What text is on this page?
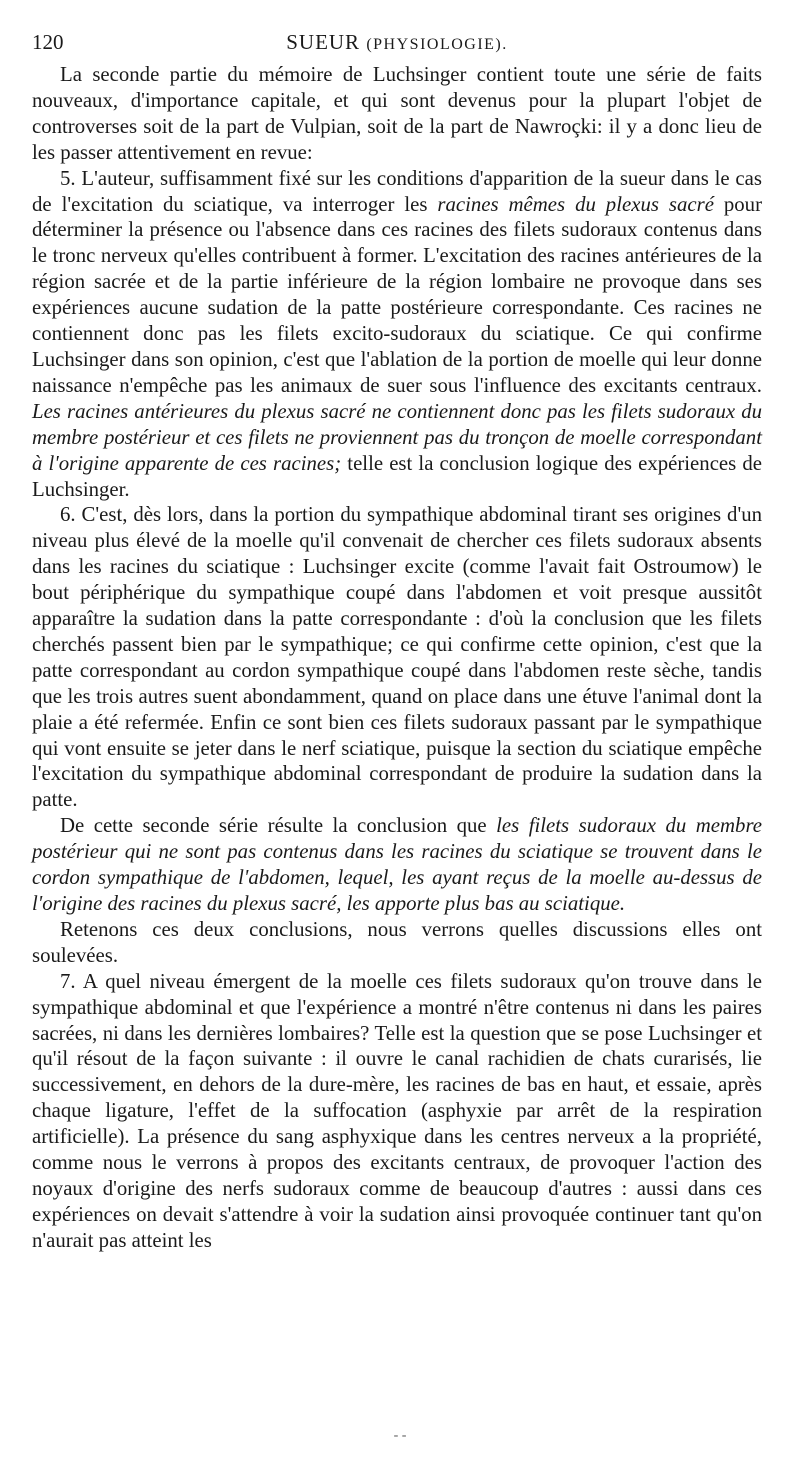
120	SUEUR (PHYSIOLOGIE).

La seconde partie du mémoire de Luchsinger contient toute une série de faits nouveaux, d'importance capitale, et qui sont devenus pour la plupart l'objet de controverses soit de la part de Vulpian, soit de la part de Nawroçki: il y a donc lieu de les passer attentivement en revue:

5. L'auteur, suffisamment fixé sur les conditions d'apparition de la sueur dans le cas de l'excitation du sciatique, va interroger les racines mêmes du plexus sacré pour déterminer la présence ou l'absence dans ces racines des filets sudoraux contenus dans le tronc nerveux qu'elles contribuent à former. L'excitation des racines antérieures de la région sacrée et de la partie inférieure de la région lombaire ne provoque dans ses expériences aucune sudation de la patte postérieure correspondante. Ces racines ne contiennent donc pas les filets excito-sudoraux du sciatique. Ce qui confirme Luchsinger dans son opinion, c'est que l'ablation de la portion de moelle qui leur donne naissance n'empêche pas les animaux de suer sous l'influence des excitants centraux. Les racines antérieures du plexus sacré ne contiennent donc pas les filets sudoraux du membre postérieur et ces filets ne proviennent pas du tronçon de moelle correspondant à l'origine apparente de ces racines; telle est la conclusion logique des expériences de Luchsinger.

6. C'est, dès lors, dans la portion du sympathique abdominal tirant ses origines d'un niveau plus élevé de la moelle qu'il convenait de chercher ces filets sudoraux absents dans les racines du sciatique : Luchsinger excite (comme l'avait fait Ostroumow) le bout périphérique du sympathique coupé dans l'abdomen et voit presque aussitôt apparaître la sudation dans la patte correspondante : d'où la conclusion que les filets cherchés passent bien par le sympathique; ce qui confirme cette opinion, c'est que la patte correspondant au cordon sympathique coupé dans l'abdomen reste sèche, tandis que les trois autres suent abondamment, quand on place dans une étuve l'animal dont la plaie a été refermée. Enfin ce sont bien ces filets sudoraux passant par le sympathique qui vont ensuite se jeter dans le nerf sciatique, puisque la section du sciatique empêche l'excitation du sympathique abdominal correspondant de produire la sudation dans la patte.

De cette seconde série résulte la conclusion que les filets sudoraux du membre postérieur qui ne sont pas contenus dans les racines du sciatique se trouvent dans le cordon sympathique de l'abdomen, lequel, les ayant reçus de la moelle au-dessus de l'origine des racines du plexus sacré, les apporte plus bas au sciatique.

Retenons ces deux conclusions, nous verrons quelles discussions elles ont soulevées.

7. A quel niveau émergent de la moelle ces filets sudoraux qu'on trouve dans le sympathique abdominal et que l'expérience a montré n'être contenus ni dans les paires sacrées, ni dans les dernières lombaires? Telle est la question que se pose Luchsinger et qu'il résout de la façon suivante : il ouvre le canal rachidien de chats curarisés, lie successivement, en dehors de la dure-mère, les racines de bas en haut, et essaie, après chaque ligature, l'effet de la suffocation (asphyxie par arrêt de la respiration artificielle). La présence du sang asphyxique dans les centres nerveux a la propriété, comme nous le verrons à propos des excitants centraux, de provoquer l'action des noyaux d'origine des nerfs sudoraux comme de beaucoup d'autres : aussi dans ces expériences on devait s'attendre à voir la sudation ainsi provoquée continuer tant qu'on n'aurait pas atteint les

- -
